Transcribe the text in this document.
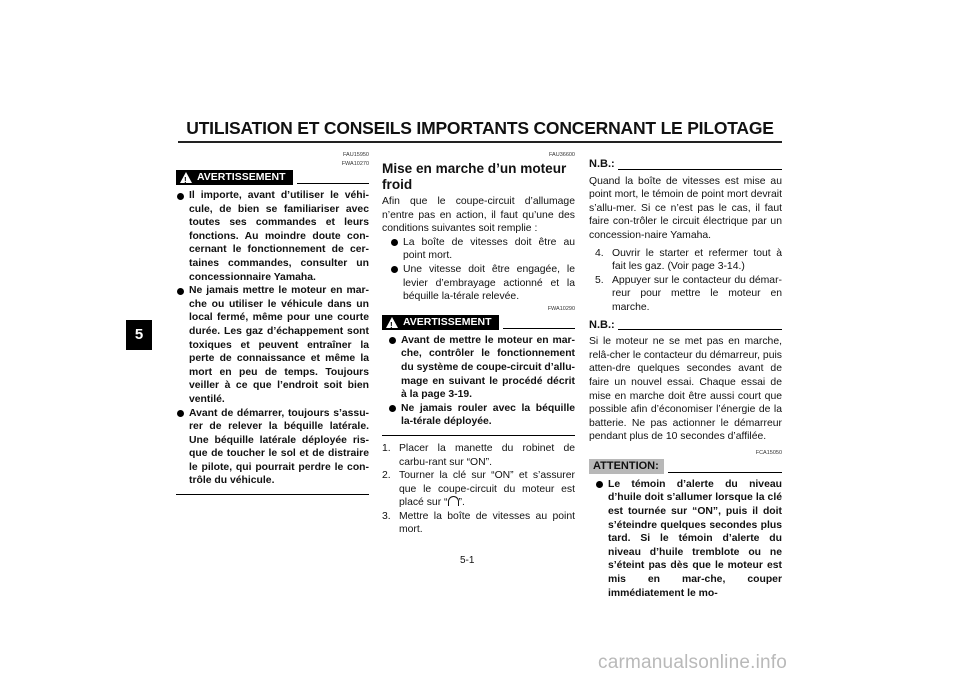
UTILISATION ET CONSEILS IMPORTANTS CONCERNANT LE PILOTAGE
5
FAU15950
FWA10270
!
AVERTISSEMENT
Il importe, avant d’utiliser le véhi-cule, de bien se familiariser avec toutes ses commandes et leurs fonctions. Au moindre doute con-cernant le fonctionnement de cer-taines commandes, consulter un concessionnaire Yamaha.
Ne jamais mettre le moteur en mar-che ou utiliser le véhicule dans un local fermé, même pour une courte durée. Les gaz d’échappement sont toxiques et peuvent entraîner la perte de connaissance et même la mort en peu de temps. Toujours veiller à ce que l’endroit soit bien ventilé.
Avant de démarrer, toujours s’assu-rer de relever la béquille latérale. Une béquille latérale déployée ris-que de toucher le sol et de distraire le pilote, qui pourrait perdre le con-trôle du véhicule.
FAU36600
Mise en marche d’un moteur froid
Afin que le coupe-circuit d’allumage n’entre pas en action, il faut qu’une des conditions suivantes soit remplie :
La boîte de vitesses doit être au point mort.
Une vitesse doit être engagée, le levier d’embrayage actionné et la béquille la-térale relevée.
FWA10290
!
AVERTISSEMENT
Avant de mettre le moteur en mar-che, contrôler le fonctionnement du système de coupe-circuit d’allu-mage en suivant le procédé décrit à la page 3-19.
Ne jamais rouler avec la béquille la-térale déployée.
1. Placer la manette du robinet de carbu-rant sur “ON”.
2. Tourner la clé sur “ON” et s’assurer que le coupe-circuit du moteur est placé sur “ ”.
3. Mettre la boîte de vitesses au point mort.
N.B.:
Quand la boîte de vitesses est mise au point mort, le témoin de point mort devrait s’allu-mer. Si ce n’est pas le cas, il faut faire con-trôler le circuit électrique par un concession-naire Yamaha.
4. Ouvrir le starter et refermer tout à fait les gaz. (Voir page 3-14.)
5. Appuyer sur le contacteur du démar-reur pour mettre le moteur en marche.
N.B.:
Si le moteur ne se met pas en marche, relâ-cher le contacteur du démarreur, puis atten-dre quelques secondes avant de faire un nouvel essai. Chaque essai de mise en marche doit être aussi court que possible afin d’économiser l’énergie de la batterie. Ne pas actionner le démarreur pendant plus de 10 secondes d’affilée.
FCA15050
ATTENTION:
Le témoin d’alerte du niveau d’huile doit s’allumer lorsque la clé est tournée sur “ON”, puis il doit s’éteindre quelques secondes plus tard. Si le témoin d’alerte du niveau d’huile tremblote ou ne s’éteint pas dès que le moteur est mis en mar-che, couper immédiatement le mo-
5-1
carmanualsonline.info
